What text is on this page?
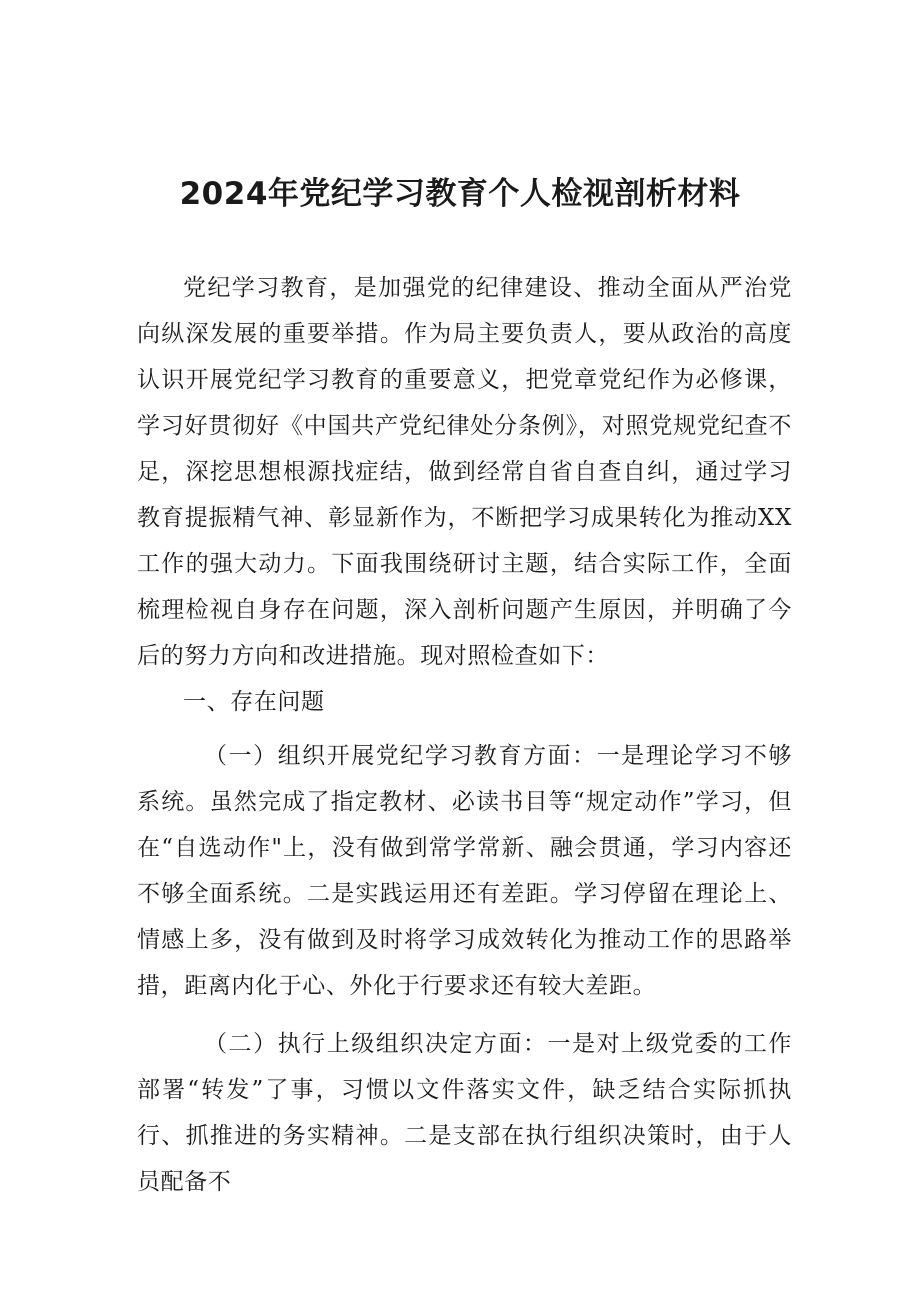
2024年党纪学习教育个人检视剖析材料

党纪学习教育，是加强党的纪律建设、推动全面从严治党向纵深发展的重要举措。作为局主要负责人，要从政治的高度认识开展党纪学习教育的重要意义，把党章党纪作为必修课，学习好贯彻好《中国共产党纪律处分条例》，对照党规党纪查不足，深挖思想根源找症结，做到经常自省自查自纠，通过学习教育提振精气神、彰显新作为，不断把学习成果转化为推动XX工作的强大动力。下面我围绕研讨主题，结合实际工作，全面梳理检视自身存在问题，深入剖析问题产生原因，并明确了今后的努力方向和改进措施。现对照检查如下：

一、存在问题

（一）组织开展党纪学习教育方面：一是理论学习不够系统。虽然完成了指定教材、必读书目等“规定动作”学习，但在“自选动作"上，没有做到常学常新、融会贯通，学习内容还不够全面系统。二是实践运用还有差距。学习停留在理论上、情感上多，没有做到及时将学习成效转化为推动工作的思路举措，距离内化于心、外化于行要求还有较大差距。

（二）执行上级组织决定方面：一是对上级党委的工作部署“转发”了事，习惯以文件落实文件，缺乏结合实际抓执行、抓推进的务实精神。二是支部在执行组织决策时，由于人员配备不
